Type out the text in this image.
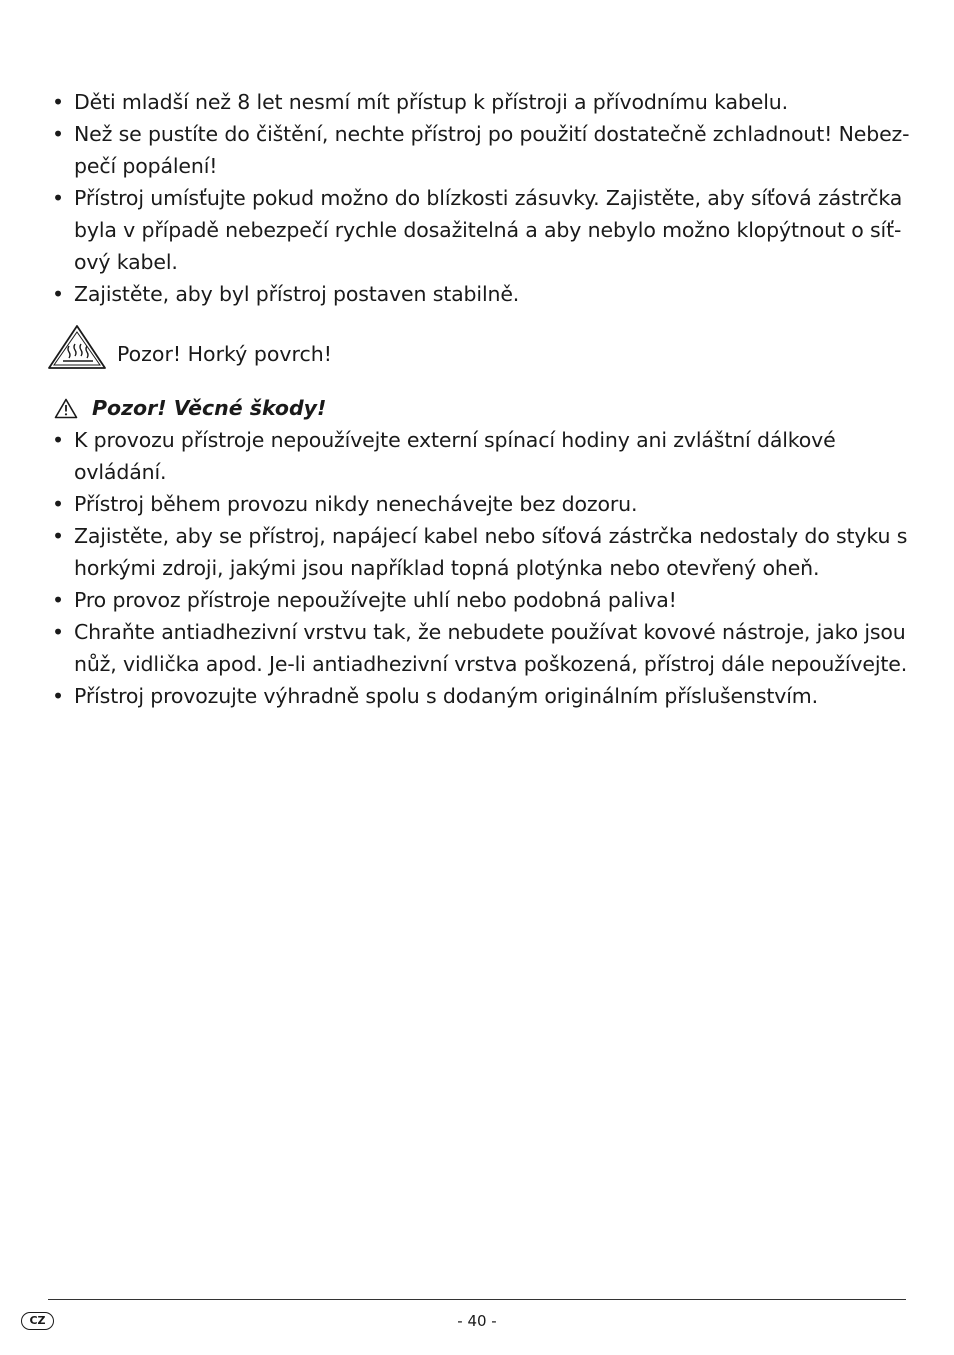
• Děti mladší než 8 let nesmí mít přístup k přístroji a přívodnímu kabelu.
• Než se pustíte do čištění, nechte přístroj po použití dostatečně zchladnout! Nebezpečí popálení!
• Přístroj umísťujte pokud možno do blízkosti zásuvky. Zajistěte, aby síťová zástrčka byla v případě nebezpečí rychle dosažitelná a aby nebylo možno klopýtnout o síťový kabel.
• Zajistěte, aby byl přístroj postaven stabilně.
Pozor! Horký povrch!
Pozor! Věcné škody!
• K provozu přístroje nepoužívejte externí spínací hodiny ani zvláštní dálkové ovládání.
• Přístroj během provozu nikdy nenechávejte bez dozoru.
• Zajistěte, aby se přístroj, napájecí kabel nebo síťová zástrčka nedostaly do styku s horkými zdroji, jakými jsou například topná plotýnka nebo otevřený oheň.
• Pro provoz přístroje nepoužívejte uhlí nebo podobná paliva!
• Chraňte antiadhezivní vrstvu tak, že nebudete používat kovové nástroje, jako jsou nůž, vidlička apod. Je-li antiadhezivní vrstva poškozená, přístroj dále nepoužívejte.
• Přístroj provozujte výhradně spolu s dodaným originálním příslušenstvím.
CZ	- 40 -
